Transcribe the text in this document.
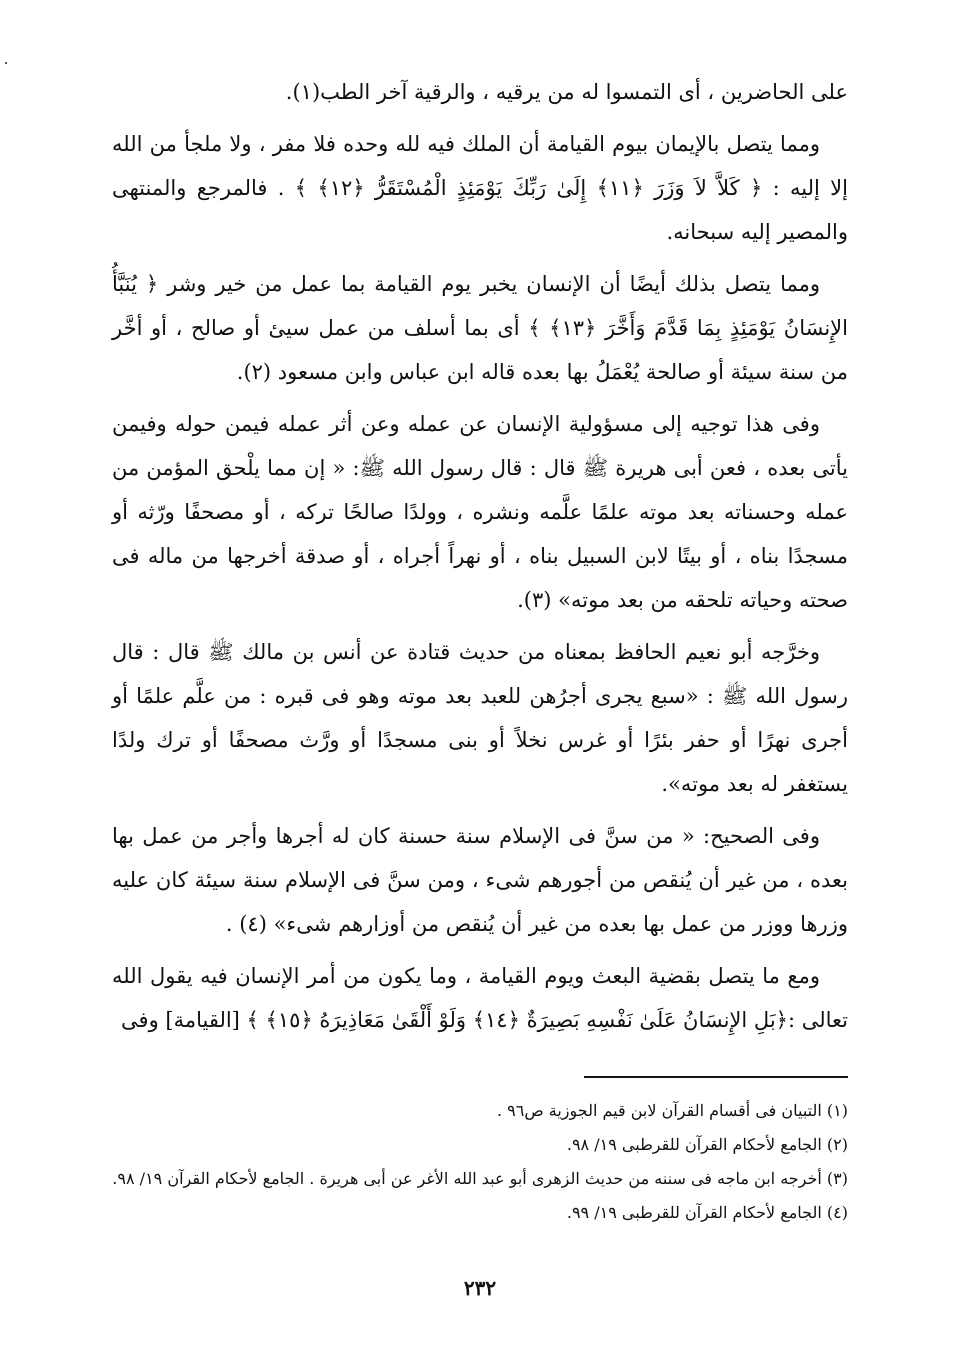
على الحاضرين ، أى التمسوا له من يرقيه ، والرقية آخر الطب(١).

ومما يتصل بالإيمان بيوم القيامة أن الملك فيه لله وحده فلا مفر ، ولا ملجأ من الله إلا إليه : ﴿ كَلاَّ لاَ وَزَرَ ﴿١١﴾ إِلَىٰ رَبِّكَ يَوْمَئِذٍ الْمُسْتَقَرُّ ﴿١٢﴾ ﴾ . فالمرجع والمنتهى والمصير إليه سبحانه.

ومما يتصل بذلك أيضًا أن الإنسان يخبر يوم القيامة بما عمل من خير وشر ﴿ يُنَبَّأُ الإِنسَانُ يَوْمَئِذٍ بِمَا قَدَّمَ وَأَخَّرَ ﴿١٣﴾ ﴾ أى بما أسلف من عمل سيئ أو صالح ، أو أخَّر من سنة سيئة أو صالحة يُعْمَلُ بها بعده قاله ابن عباس وابن مسعود (٢).

وفى هذا توجيه إلى مسؤولية الإنسان عن عمله وعن أثر عمله فيمن حوله وفيمن يأتى بعده ، فعن أبى هريرة ﷺ قال : قال رسول الله ﷺ: « إن مما يلْحق المؤمن من عمله وحسناته بعد موته علمًا علَّمه ونشره ، وولدًا صالحًا تركه ، أو مصحفًا ورّثه أو مسجدًا بناه ، أو بيتًا لابن السبيل بناه ، أو نهراً أجراه ، أو صدقة أخرجها من ماله فى صحته وحياته تلحقه من بعد موته» (٣).

وخرَّجه أبو نعيم الحافظ بمعناه من حديث قتادة عن أنس بن مالك ﷺ قال : قال رسول الله ﷺ : «سبع يجرى أجرُهن للعبد بعد موته وهو فى قبره : من علَّم علمًا أو أجرى نهرًا أو حفر بئرًا أو غرس نخلاً أو بنى مسجدًا أو ورَّث مصحفًا أو ترك ولدًا يستغفر له بعد موته».

وفى الصحيح: « من سنَّ فى الإسلام سنة حسنة كان له أجرها وأجر من عمل بها بعده ، من غير أن يُنقص من أجورهم شىء ، ومن سنَّ فى الإسلام سنة سيئة كان عليه وزرها ووزر من عمل بها بعده من غير أن يُنقص من أوزارهم شىء» (٤) .

ومع ما يتصل بقضية البعث ويوم القيامة ، وما يكون من أمر الإنسان فيه يقول الله تعالى :﴿بَلِ الإِنسَانُ عَلَىٰ نَفْسِهِ بَصِيرَةٌ ﴿١٤﴾ وَلَوْ أَلْقَىٰ مَعَاذِيرَهُ ﴿١٥﴾ ﴾ [القيامة] وفى

(١) التبيان فى أقسام القرآن لابن قيم الجوزية ص٩٦ .

(٢) الجامع لأحكام القرآن للقرطبى ١٩/ ٩٨.

(٣) أخرجه ابن ماجه فى سننه من حديث الزهرى أبو عبد الله الأغر عن أبى هريرة . الجامع لأحكام القرآن ١٩/ ٩٨.

(٤) الجامع لأحكام القرآن للقرطبى ١٩/ ٩٩.

٢٣٢
